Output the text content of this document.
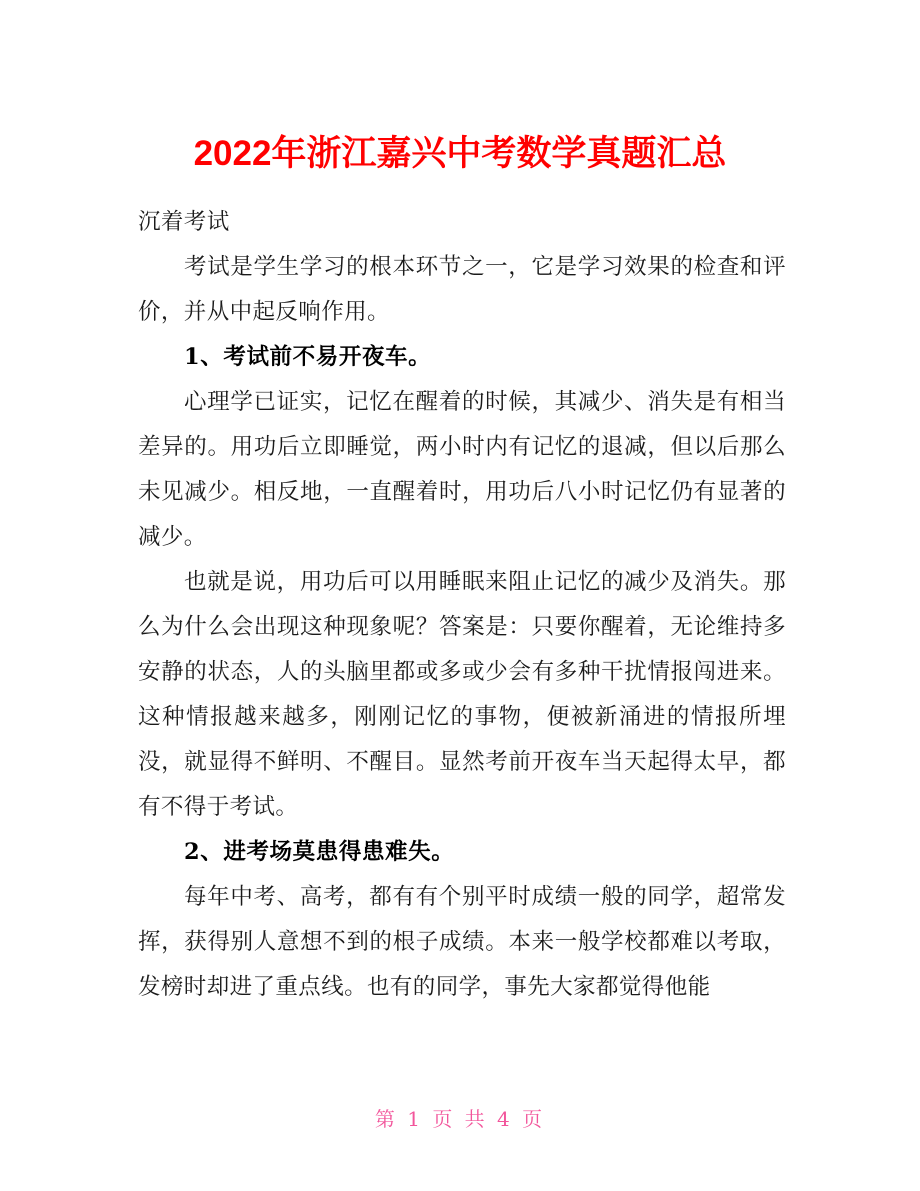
2022年浙江嘉兴中考数学真题汇总

沉着考试

考试是学生学习的根本环节之一，它是学习效果的检查和评价，并从中起反响作用。

1、考试前不易开夜车。

心理学已证实，记忆在醒着的时候，其减少、消失是有相当差异的。用功后立即睡觉，两小时内有记忆的退减，但以后那么未见减少。相反地，一直醒着时，用功后八小时记忆仍有显著的减少。

也就是说，用功后可以用睡眠来阻止记忆的减少及消失。那么为什么会出现这种现象呢？答案是：只要你醒着，无论维持多安静的状态，人的头脑里都或多或少会有多种干扰情报闯进来。这种情报越来越多，刚刚记忆的事物，便被新涌进的情报所埋没，就显得不鲜明、不醒目。显然考前开夜车当天起得太早，都有不得于考试。

2、进考场莫患得患难失。

每年中考、高考，都有有个别平时成绩一般的同学，超常发挥，获得别人意想不到的根子成绩。本来一般学校都难以考取，发榜时却进了重点线。也有的同学，事先大家都觉得他能

第 1 页 共 4 页
